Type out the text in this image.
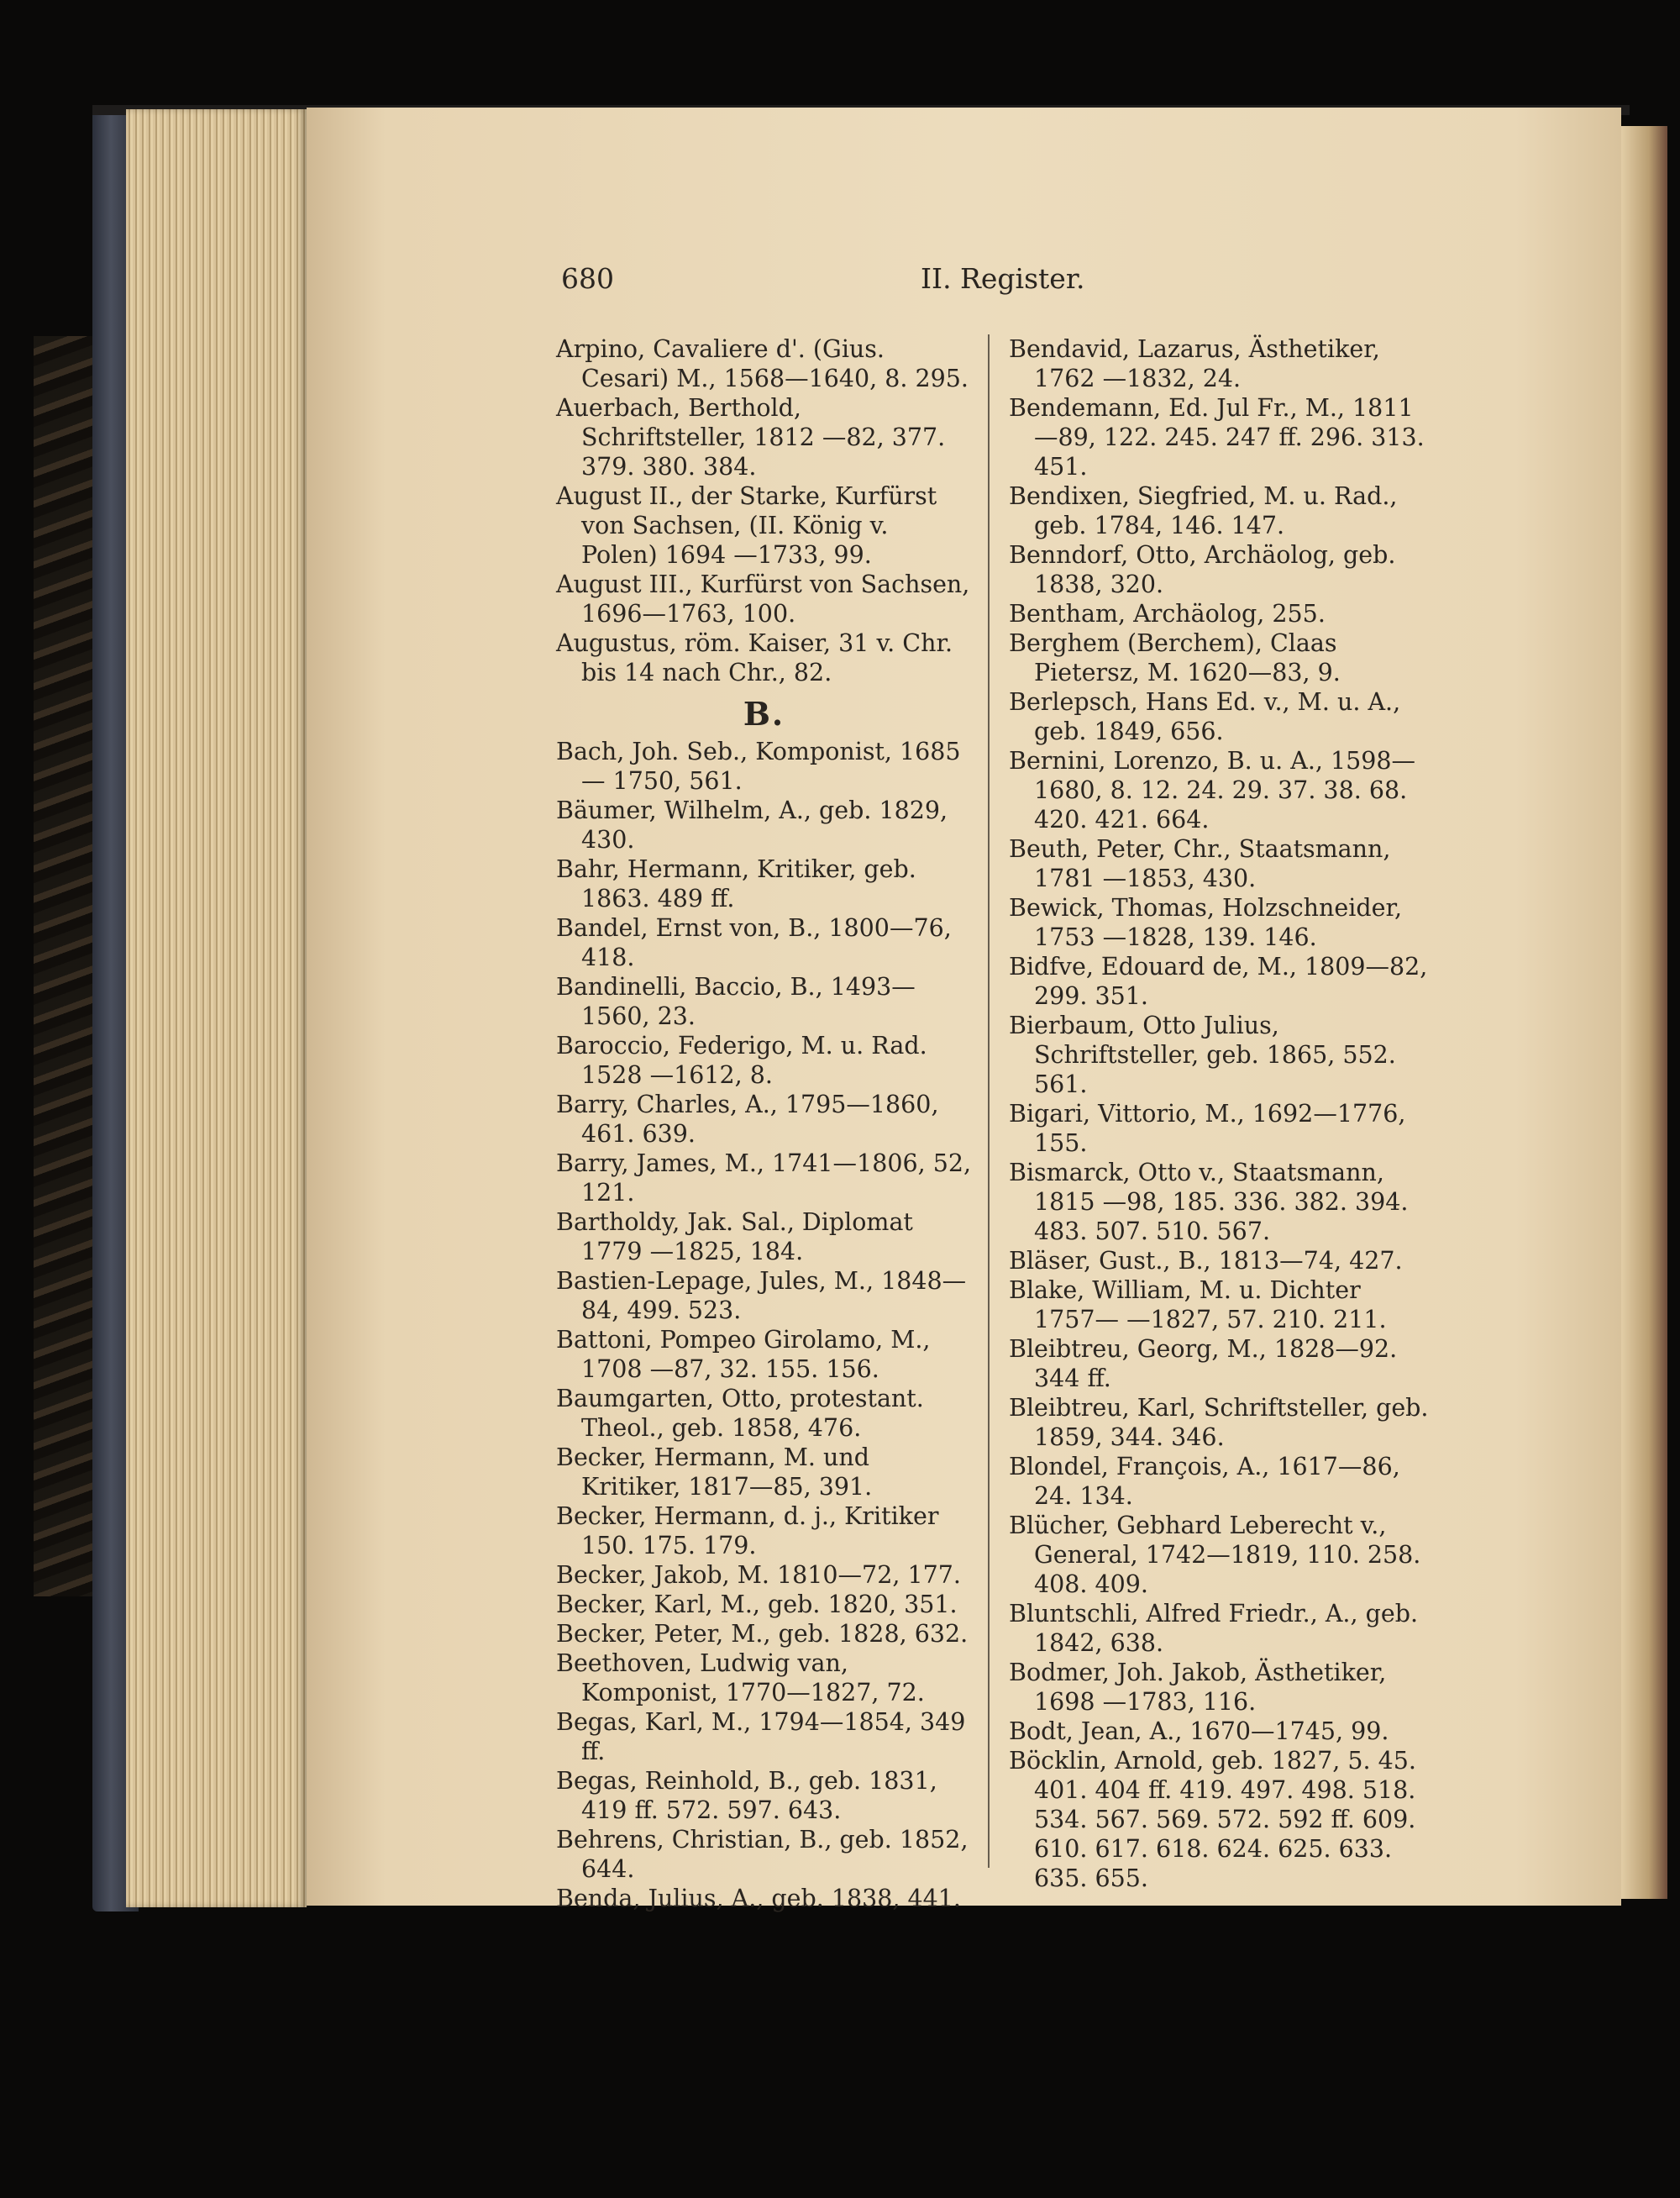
680	II. Register.

Arpino, Cavaliere d'. (Gius. Cesari) M., 1568—1640, 8. 295.

Auerbach, Berthold, Schriftsteller, 1812 —82, 377. 379. 380. 384.

August II., der Starke, Kurfürst von Sachsen, (II. König v. Polen) 1694 —1733, 99.

August III., Kurfürst von Sachsen, 1696—1763, 100.

Augustus, röm. Kaiser, 31 v. Chr. bis 14 nach Chr., 82.

B.

Bach, Joh. Seb., Komponist, 1685— 1750, 561.

Bäumer, Wilhelm, A., geb. 1829, 430.

Bahr, Hermann, Kritiker, geb. 1863. 489 ff.

Bandel, Ernst von, B., 1800—76, 418.

Bandinelli, Baccio, B., 1493—1560, 23.

Baroccio, Federigo, M. u. Rad. 1528 —1612, 8.

Barry, Charles, A., 1795—1860, 461. 639.

Barry, James, M., 1741—1806, 52, 121.

Bartholdy, Jak. Sal., Diplomat 1779 —1825, 184.

Bastien-Lepage, Jules, M., 1848—84, 499. 523.

Battoni, Pompeo Girolamo, M., 1708 —87, 32. 155. 156.

Baumgarten, Otto, protestant. Theol., geb. 1858, 476.

Becker, Hermann, M. und Kritiker, 1817—85, 391.

Becker, Hermann, d. j., Kritiker 150. 175. 179.

Becker, Jakob, M. 1810—72, 177.

Becker, Karl, M., geb. 1820, 351.

Becker, Peter, M., geb. 1828, 632.

Beethoven, Ludwig van, Komponist, 1770—1827, 72.

Begas, Karl, M., 1794—1854, 349 ff.

Begas, Reinhold, B., geb. 1831, 419 ff. 572. 597. 643.

Behrens, Christian, B., geb. 1852, 644.

Benda, Julius, A., geb. 1838, 441.

Bendavid, Lazarus, Ästhetiker, 1762 —1832, 24.

Bendemann, Ed. Jul Fr., M., 1811 —89, 122. 245. 247 ff. 296. 313. 451.

Bendixen, Siegfried, M. u. Rad., geb. 1784, 146. 147.

Benndorf, Otto, Archäolog, geb. 1838, 320.

Bentham, Archäolog, 255.

Berghem (Berchem), Claas Pietersz, M. 1620—83, 9.

Berlepsch, Hans Ed. v., M. u. A., geb. 1849, 656.

Bernini, Lorenzo, B. u. A., 1598— 1680, 8. 12. 24. 29. 37. 38. 68. 420. 421. 664.

Beuth, Peter, Chr., Staatsmann, 1781 —1853, 430.

Bewick, Thomas, Holzschneider, 1753 —1828, 139. 146.

Bidfve, Edouard de, M., 1809—82, 299. 351.

Bierbaum, Otto Julius, Schriftsteller, geb. 1865, 552. 561.

Bigari, Vittorio, M., 1692—1776, 155.

Bismarck, Otto v., Staatsmann, 1815 —98, 185. 336. 382. 394. 483. 507. 510. 567.

Bläser, Gust., B., 1813—74, 427.

Blake, William, M. u. Dichter 1757— —1827, 57. 210. 211.

Bleibtreu, Georg, M., 1828—92. 344 ff.

Bleibtreu, Karl, Schriftsteller, geb. 1859, 344. 346.

Blondel, François, A., 1617—86, 24. 134.

Blücher, Gebhard Leberecht v., General, 1742—1819, 110. 258. 408. 409.

Bluntschli, Alfred Friedr., A., geb. 1842, 638.

Bodmer, Joh. Jakob, Ästhetiker, 1698 —1783, 116.

Bodt, Jean, A., 1670—1745, 99.

Böcklin, Arnold, geb. 1827, 5. 45. 401. 404 ff. 419. 497. 498. 518. 534. 567. 569. 572. 592 ff. 609. 610. 617. 618. 624. 625. 633. 635. 655.
